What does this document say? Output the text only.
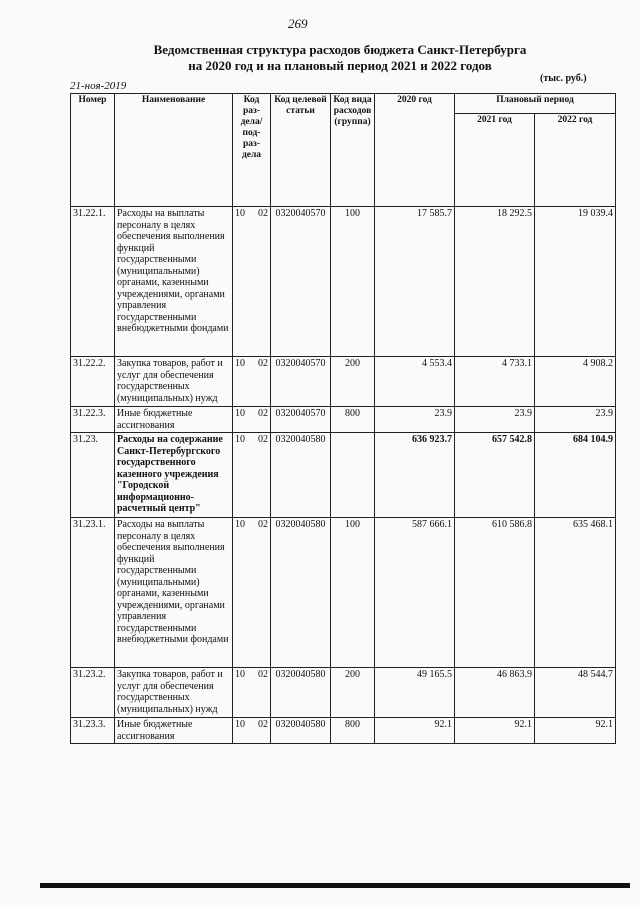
269
Ведомственная структура расходов бюджета Санкт-Петербурга
на 2020 год и на плановый период 2021 и 2022 годов
21-ноя-2019
(тыс. руб.)
Номер	Наименование	Код раз-дела/ под-раз-дела	Код целевой статьи	Код вида расходов (группа)	2020 год	Плановый период	
						2021 год	2022 год
31.22.1.	Расходы на выплаты персоналу в целях обеспечения выполнения функций государственными (муниципальными) органами, казенными учреждениями, органами управления государственными внебюджетными фондами	10 02	0320040570	100	17 585.7	18 292.5	19 039.4
31.22.2.	Закупка товаров, работ и услуг для обеспечения государственных (муниципальных) нужд	10 02	0320040570	200	4 553.4	4 733.1	4 908.2
31.22.3.	Иные бюджетные ассигнования	10 02	0320040570	800	23.9	23.9	23.9
31.23.	Расходы на содержание Санкт-Петербургского государственного казенного учреждения "Городской информационно-расчетный центр"	10 02	0320040580		636 923.7	657 542.8	684 104.9
31.23.1.	Расходы на выплаты персоналу в целях обеспечения выполнения функций государственными (муниципальными) органами, казенными учреждениями, органами управления государственными внебюджетными фондами	10 02	0320040580	100	587 666.1	610 586.8	635 468.1
31.23.2.	Закупка товаров, работ и услуг для обеспечения государственных (муниципальных) нужд	10 02	0320040580	200	49 165.5	46 863.9	48 544.7
31.23.3.	Иные бюджетные ассигнования	10 02	0320040580	800	92.1	92.1	92.1
